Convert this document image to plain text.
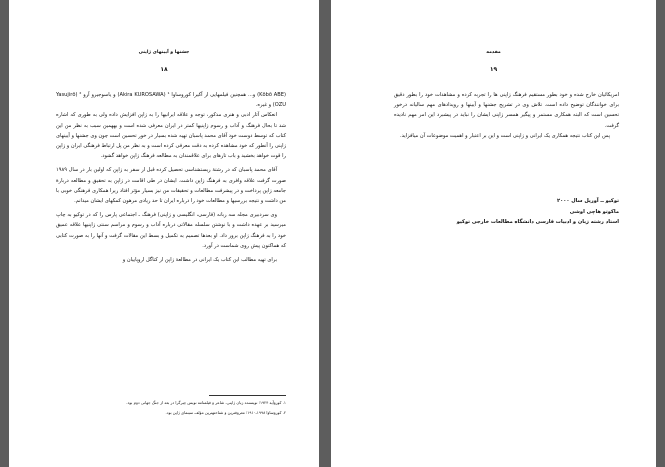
جشنها و آیینهای ژاپنی
۱۸

(Kōbō ABE) و... همچنین فیلمهایی از آکیرا کوروساوا ¹ (Akira KUROSAWA) و یاسوجیرو آزو ² (Yasujirō OZU) و غیره.

انعکاس آثار ادبی و هنری مذکور، توجه و علاقه ایرانیها را به ژاپن افزایش داده ولی به طوری که اشاره شد تا بحال فرهنگ و آداب و رسوم ژاپنیها کمتر در ایران معرفی شده است و بههمین سبب به نظر من این کتاب که توسط دوست خود آقای محمد پاسبان تهیه شده بسیار در خور تحسین است چون وی جشنها و آیینهای ژاپنی را آنطور که خود مشاهده کرده به دقت معرفی کرده است و به نظر من پل ارتباط فرهنگی ایران و ژاپن را قوت خواهد بخشید و باب تازهای برای علاقمندان به مطالعه فرهنگ ژاپن خواهد گشود.

آقای محمد پاسبان که در رشتهٔ زیستشناسی تحصیل کرده قبل از سفر به ژاپن که اولین بار در سال ۱۹۸۹ صورت گرفت علاقه وافری به فرهنگ ژاپن داشت. ایشان در طی اقامت در ژاپن به تحقیق و مطالعه دربارهٔ جامعه ژاپن پرداخت و در پیشرفت مطالعات و تحقیقات من نیز بسیار مؤثر افتاد زیرا همکاری فرهنگی خوبی با من داشت و نتیجه بررسیها و مطالعات خود را درباره ایران تا حد زیادی مرهون کمکهای ایشان میدانم.

وی سردبیری مجله سه زبانه (فارسی، انگلیسی و ژاپنی) فرهنگ ـ اجتماعی پارس را که در توکیو به چاپ میرسید بر عهده داشت و با نوشتن سلسله مقالاتی درباره آداب و رسوم و مراسم سنتی ژاپنیها علاقه عمیق خود را به فرهنگ ژاپن بروز داد. او بعدها تصمیم به تکمیل و بسط این مقالات گرفت و آنها را به صورت کتابی که هماکنون پیش روی شماست در آورد.

برای تهیه مطالب این کتاب یک ایرانی در مطالعهٔ ژاپن از کتاگل اروپاییان و

۱. کوروآیه ۱۹۲۴؛ نویسنده زبان ژاپنی، شاعر و فیلمنامه نویس چیرگرا در بعد از جنگ جهانی دوم بود.

۲. کوروساوا ۱۹۹۸ـ۱۹۱۰؛ معروفترین و شناختهترین مؤلف سینمای ژاپن بود.

مقدمه
۱۹

امریکائیان خارج شده و خود بطور مستقیم فرهنگ ژاپنی ها را تجربه کرده و مشاهدات خود را بطور دقیق برای خوانندگان توضیح داده است. تلاش وی در تشریح جشنها و آیینها و رویدادهای مهم سالیانه درخور تحسین است که البته همکاری مستمر و پیگیر همسر ژاپنی ایشان را نباید در پیشبرد این امر مهم نادیده گرفت.

پس این کتاب نتیجه همکاری یک ایرانی و ژاپنی است و این بر اعتبار و اهمیت موضوعات آن میافزاید.

توکیو ــ آوریل سال ۲۰۰۰
ماکوتو هاچی اوشی
استاد رشته زبان و ادبیات فارسی دانشگاه مطالعات خارجی توکیو
